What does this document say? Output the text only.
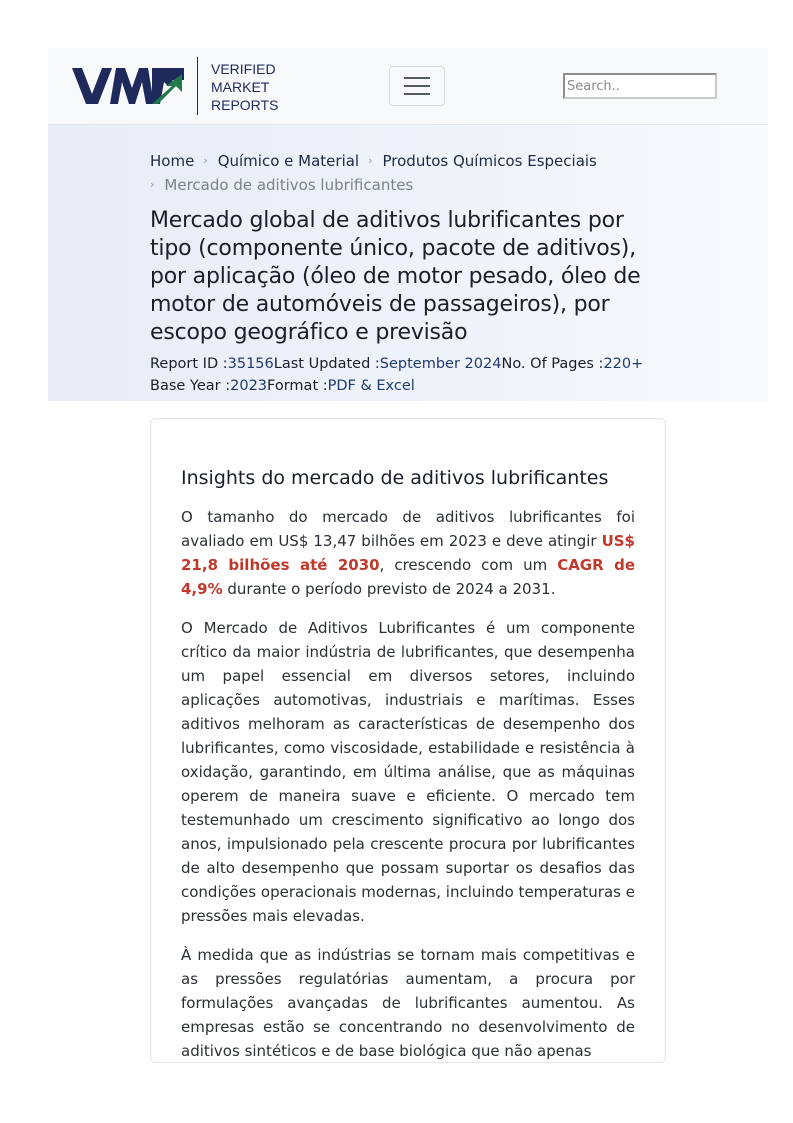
VERIFIED
MARKET
REPORTS
Search..
Home › Químico e Material › Produtos Químicos Especiais
› Mercado de aditivos lubrificantes
Mercado global de aditivos lubrificantes por tipo (componente único, pacote de aditivos), por aplicação (óleo de motor pesado, óleo de motor de automóveis de passageiros), por escopo geográfico e previsão
Report ID : 35156 Last Updated : September 2024 No. Of Pages : 220+
Base Year : 2023 Format : PDF & Excel
Insights do mercado de aditivos lubrificantes

O tamanho do mercado de aditivos lubrificantes foi avaliado em US$ 13,47 bilhões em 2023 e deve atingir US$ 21,8 bilhões até 2030, crescendo com um CAGR de 4,9% durante o período previsto de 2024 a 2031.

O Mercado de Aditivos Lubrificantes é um componente crítico da maior indústria de lubrificantes, que desempenha um papel essencial em diversos setores, incluindo aplicações automotivas, industriais e marítimas. Esses aditivos melhoram as características de desempenho dos lubrificantes, como viscosidade, estabilidade e resistência à oxidação, garantindo, em última análise, que as máquinas operem de maneira suave e eficiente. O mercado tem testemunhado um crescimento significativo ao longo dos anos, impulsionado pela crescente procura por lubrificantes de alto desempenho que possam suportar os desafios das condições operacionais modernas, incluindo temperaturas e pressões mais elevadas.

À medida que as indústrias se tornam mais competitivas e as pressões regulatórias aumentam, a procura por formulações avançadas de lubrificantes aumentou. As empresas estão se concentrando no desenvolvimento de aditivos sintéticos e de base biológica que não apenas
